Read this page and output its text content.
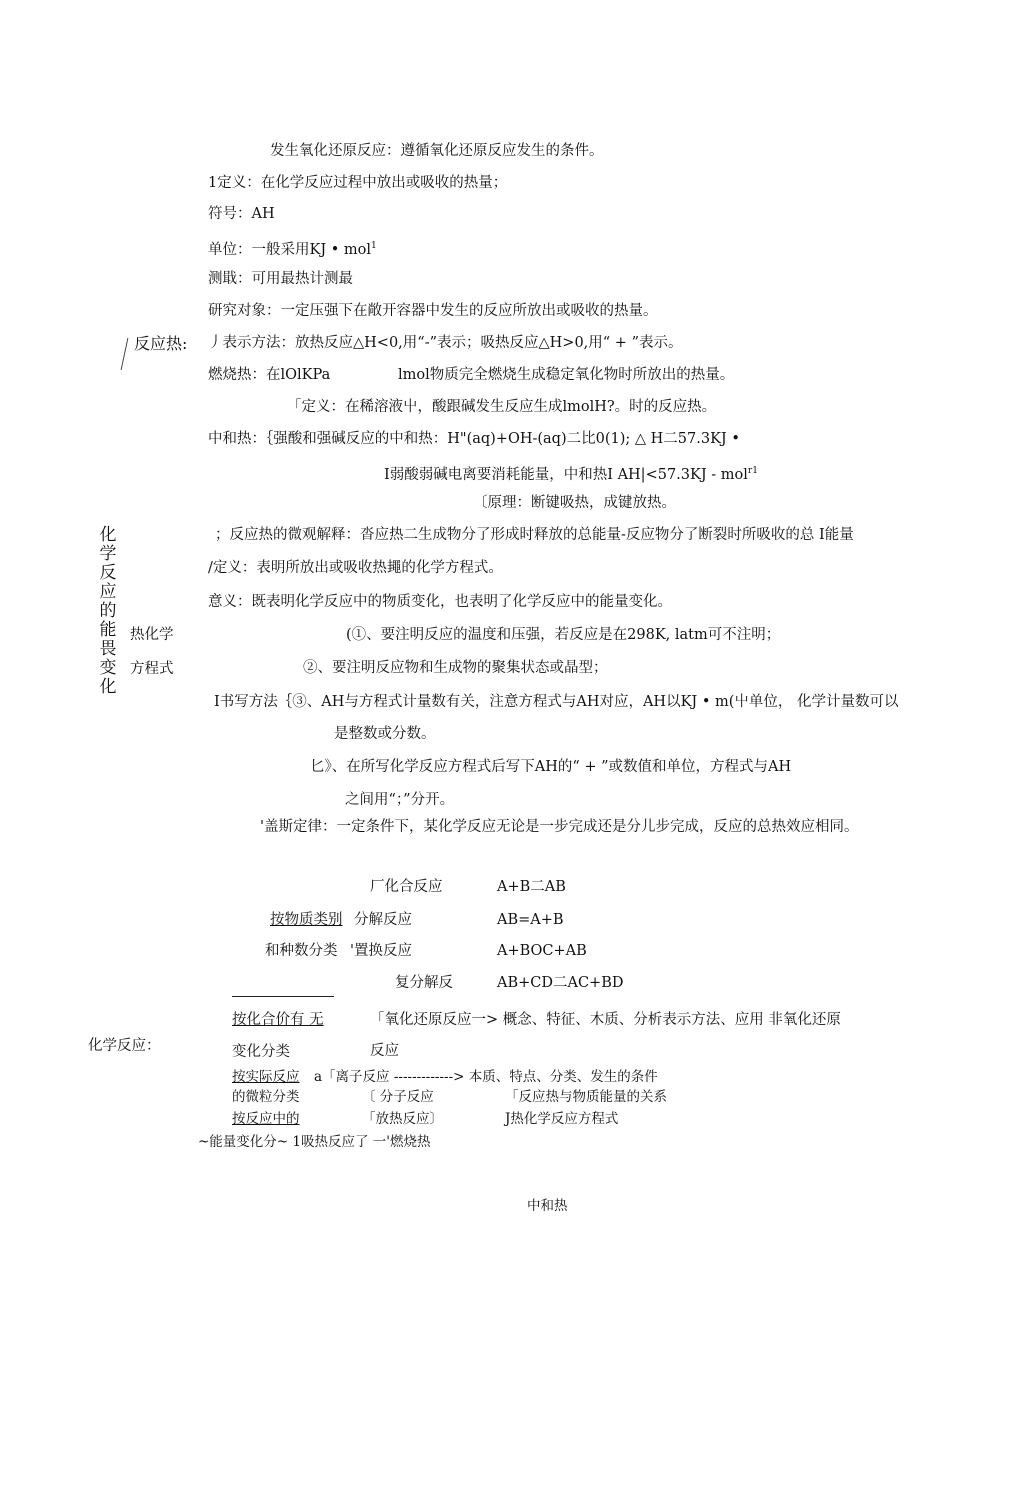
发生氧化还原反应：遵循氧化还原反应发生的条件。
1定义：在化学反应过程中放出或吸收的热量；
符号：AH
单位：一般采用KJ • mol$^1$
测戢：可用最热计测最
研究对象：一定压强下在敞开容器中发生的反应所放出或吸收的热量。
反应热: 丿表示方法：放热反应△H<0,用“-”表示；吸热反应△H>0,用“ + ”表示。
燃烧热：在lOlKPa	lmol物质完全燃烧生成稳定氧化物时所放出的热量。
「定义：在稀溶液屮，酸跟碱发生反应生成lmolH?。时的反应热。
中和热：｛强酸和强碱反应的中和热：H"(aq)+OH-(aq)二比0(1); △ H二57.3KJ •
I弱酸弱碱电离要消耗能量，中和热I AH|<57.3KJ - mol$^{r1}$
〔原理：断键吸热，成键放热。
；反应热的微观解释：沓应热二生成物分了形成时释放的总能量-反应物分了断裂时所吸收的总 I能量
化学反应的能畏变化
/定义：表明所放出或吸收热䵷的化学方程式。
意义：既表明化学反应中的物质变化，也表明了化学反应中的能量变化。
热化学	(①、要注明反应的温度和压强，若反应是在298K, latm可不注明；
方程式	②、要注明反应物和生成物的聚集状态或晶型；
I书写方法｛③、AH与方程式计量数有关，注意方程式与AH对应，AH以KJ • m(屮单位， 化学计量数可以
是整数或分数。
匕》、在所写化学反应方程式后写下AH的“ + ”或数值和单位，方程式与AH
之间用“；”分开。
'盖斯定律：一定条件下，某化学反应无论是一步完成还是分儿步完成，反应的总热效应相同。
厂化合反应	A+B二AB
按物质类别 分解反应	AB=A+B
和种数分类 '置换反应	A+BOC+AB
复分解反	AB+CD二AC+BD
按化合价有 无	「氧化还原反应一> 概念、特征、木质、分析表示方法、应用 非氧化还原
化学反应：	变化分类	反应
按实际反应 a「离子反应 -------------> 本质、特点、分类、发生的条件
的微粒分类	〔 分子反应	「反应热与物质能量的关系
按反应中的	「放热反应〕	J热化学反应方程式
~能量变化分~ 1吸热反应了 一'燃烧热
中和热
